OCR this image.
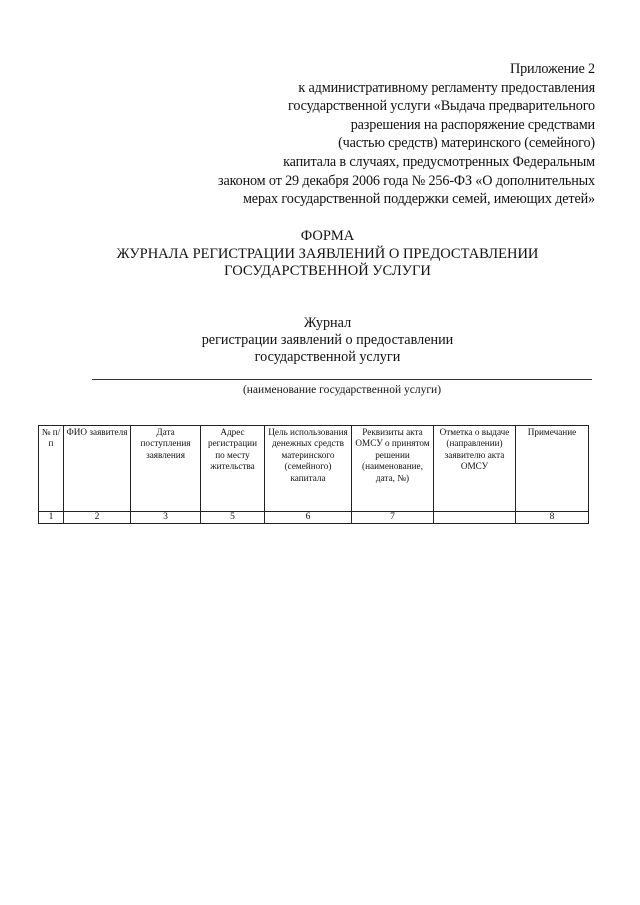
Приложение 2
к административному регламенту предоставления
государственной услуги «Выдача предварительного
разрешения на распоряжение средствами
(частью средств) материнского (семейного)
капитала в случаях, предусмотренных Федеральным
законом от 29 декабря 2006 года № 256-ФЗ «О дополнительных
мерах государственной поддержки семей, имеющих детей»
ФОРМА
ЖУРНАЛА РЕГИСТРАЦИИ ЗАЯВЛЕНИЙ О ПРЕДОСТАВЛЕНИИ
ГОСУДАРСТВЕННОЙ УСЛУГИ
Журнал
регистрации заявлений о предоставлении
государственной услуги
(наименование государственной услуги)
№ п/п	ФИО заявителя	Дата поступления заявления	Адрес регистрации по месту жительства	Цель использования денежных средств материнского (семейного) капитала	Реквизиты акта ОМСУ о принятом решении (наименование, дата, №)	Отметка о выдаче (направлении) заявителю акта ОМСУ	Примечание
1	2	3	5	6	7		8
